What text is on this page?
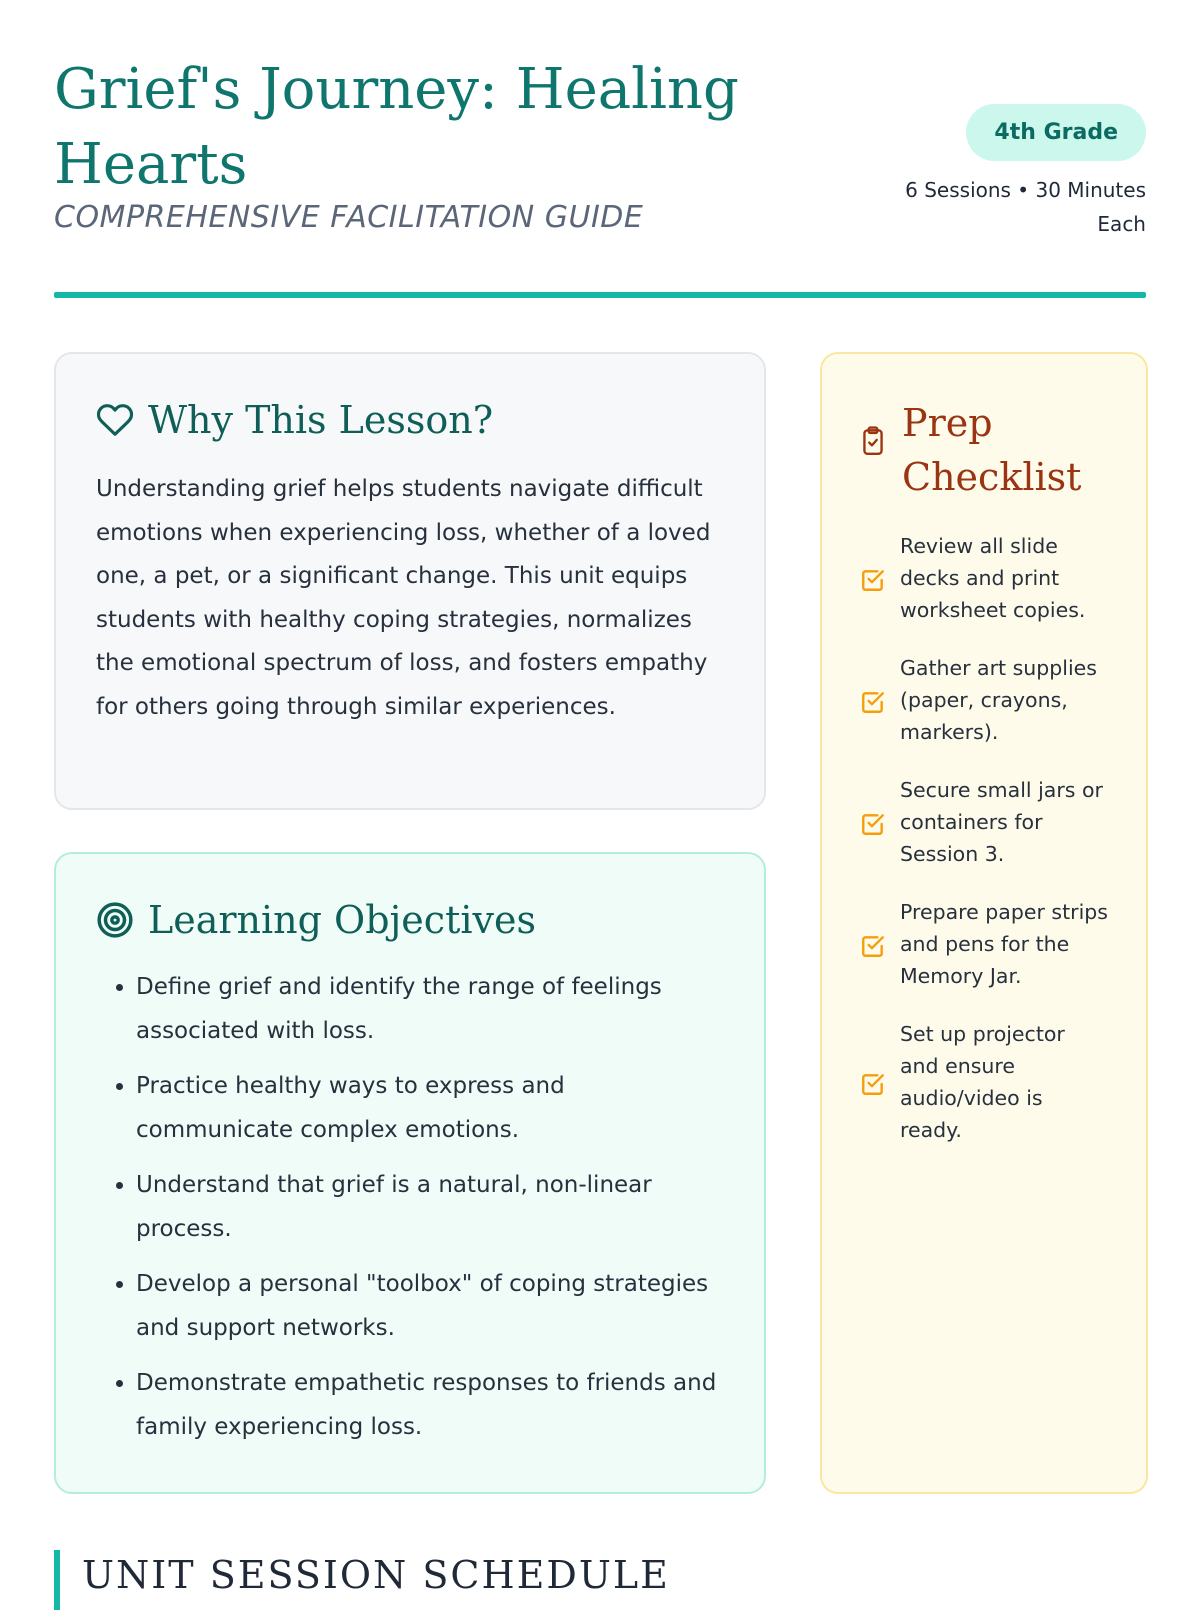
Grief's Journey: Healing Hearts
COMPREHENSIVE FACILITATION GUIDE
4th Grade
6 Sessions • 30 Minutes Each
Why This Lesson?

Understanding grief helps students navigate difficult emotions when experiencing loss, whether of a loved one, a pet, or a significant change. This unit equips students with healthy coping strategies, normalizes the emotional spectrum of loss, and fosters empathy for others going through similar experiences.

Learning Objectives
• Define grief and identify the range of feelings associated with loss.
• Practice healthy ways to express and communicate complex emotions.
• Understand that grief is a natural, non-linear process.
• Develop a personal "toolbox" of coping strategies and support networks.
• Demonstrate empathetic responses to friends and family experiencing loss.
Prep Checklist
Review all slide decks and print worksheet copies.
Gather art supplies (paper, crayons, markers).
Secure small jars or containers for Session 3.
Prepare paper strips and pens for the Memory Jar.
Set up projector and ensure audio/video is ready.
UNIT SESSION SCHEDULE
